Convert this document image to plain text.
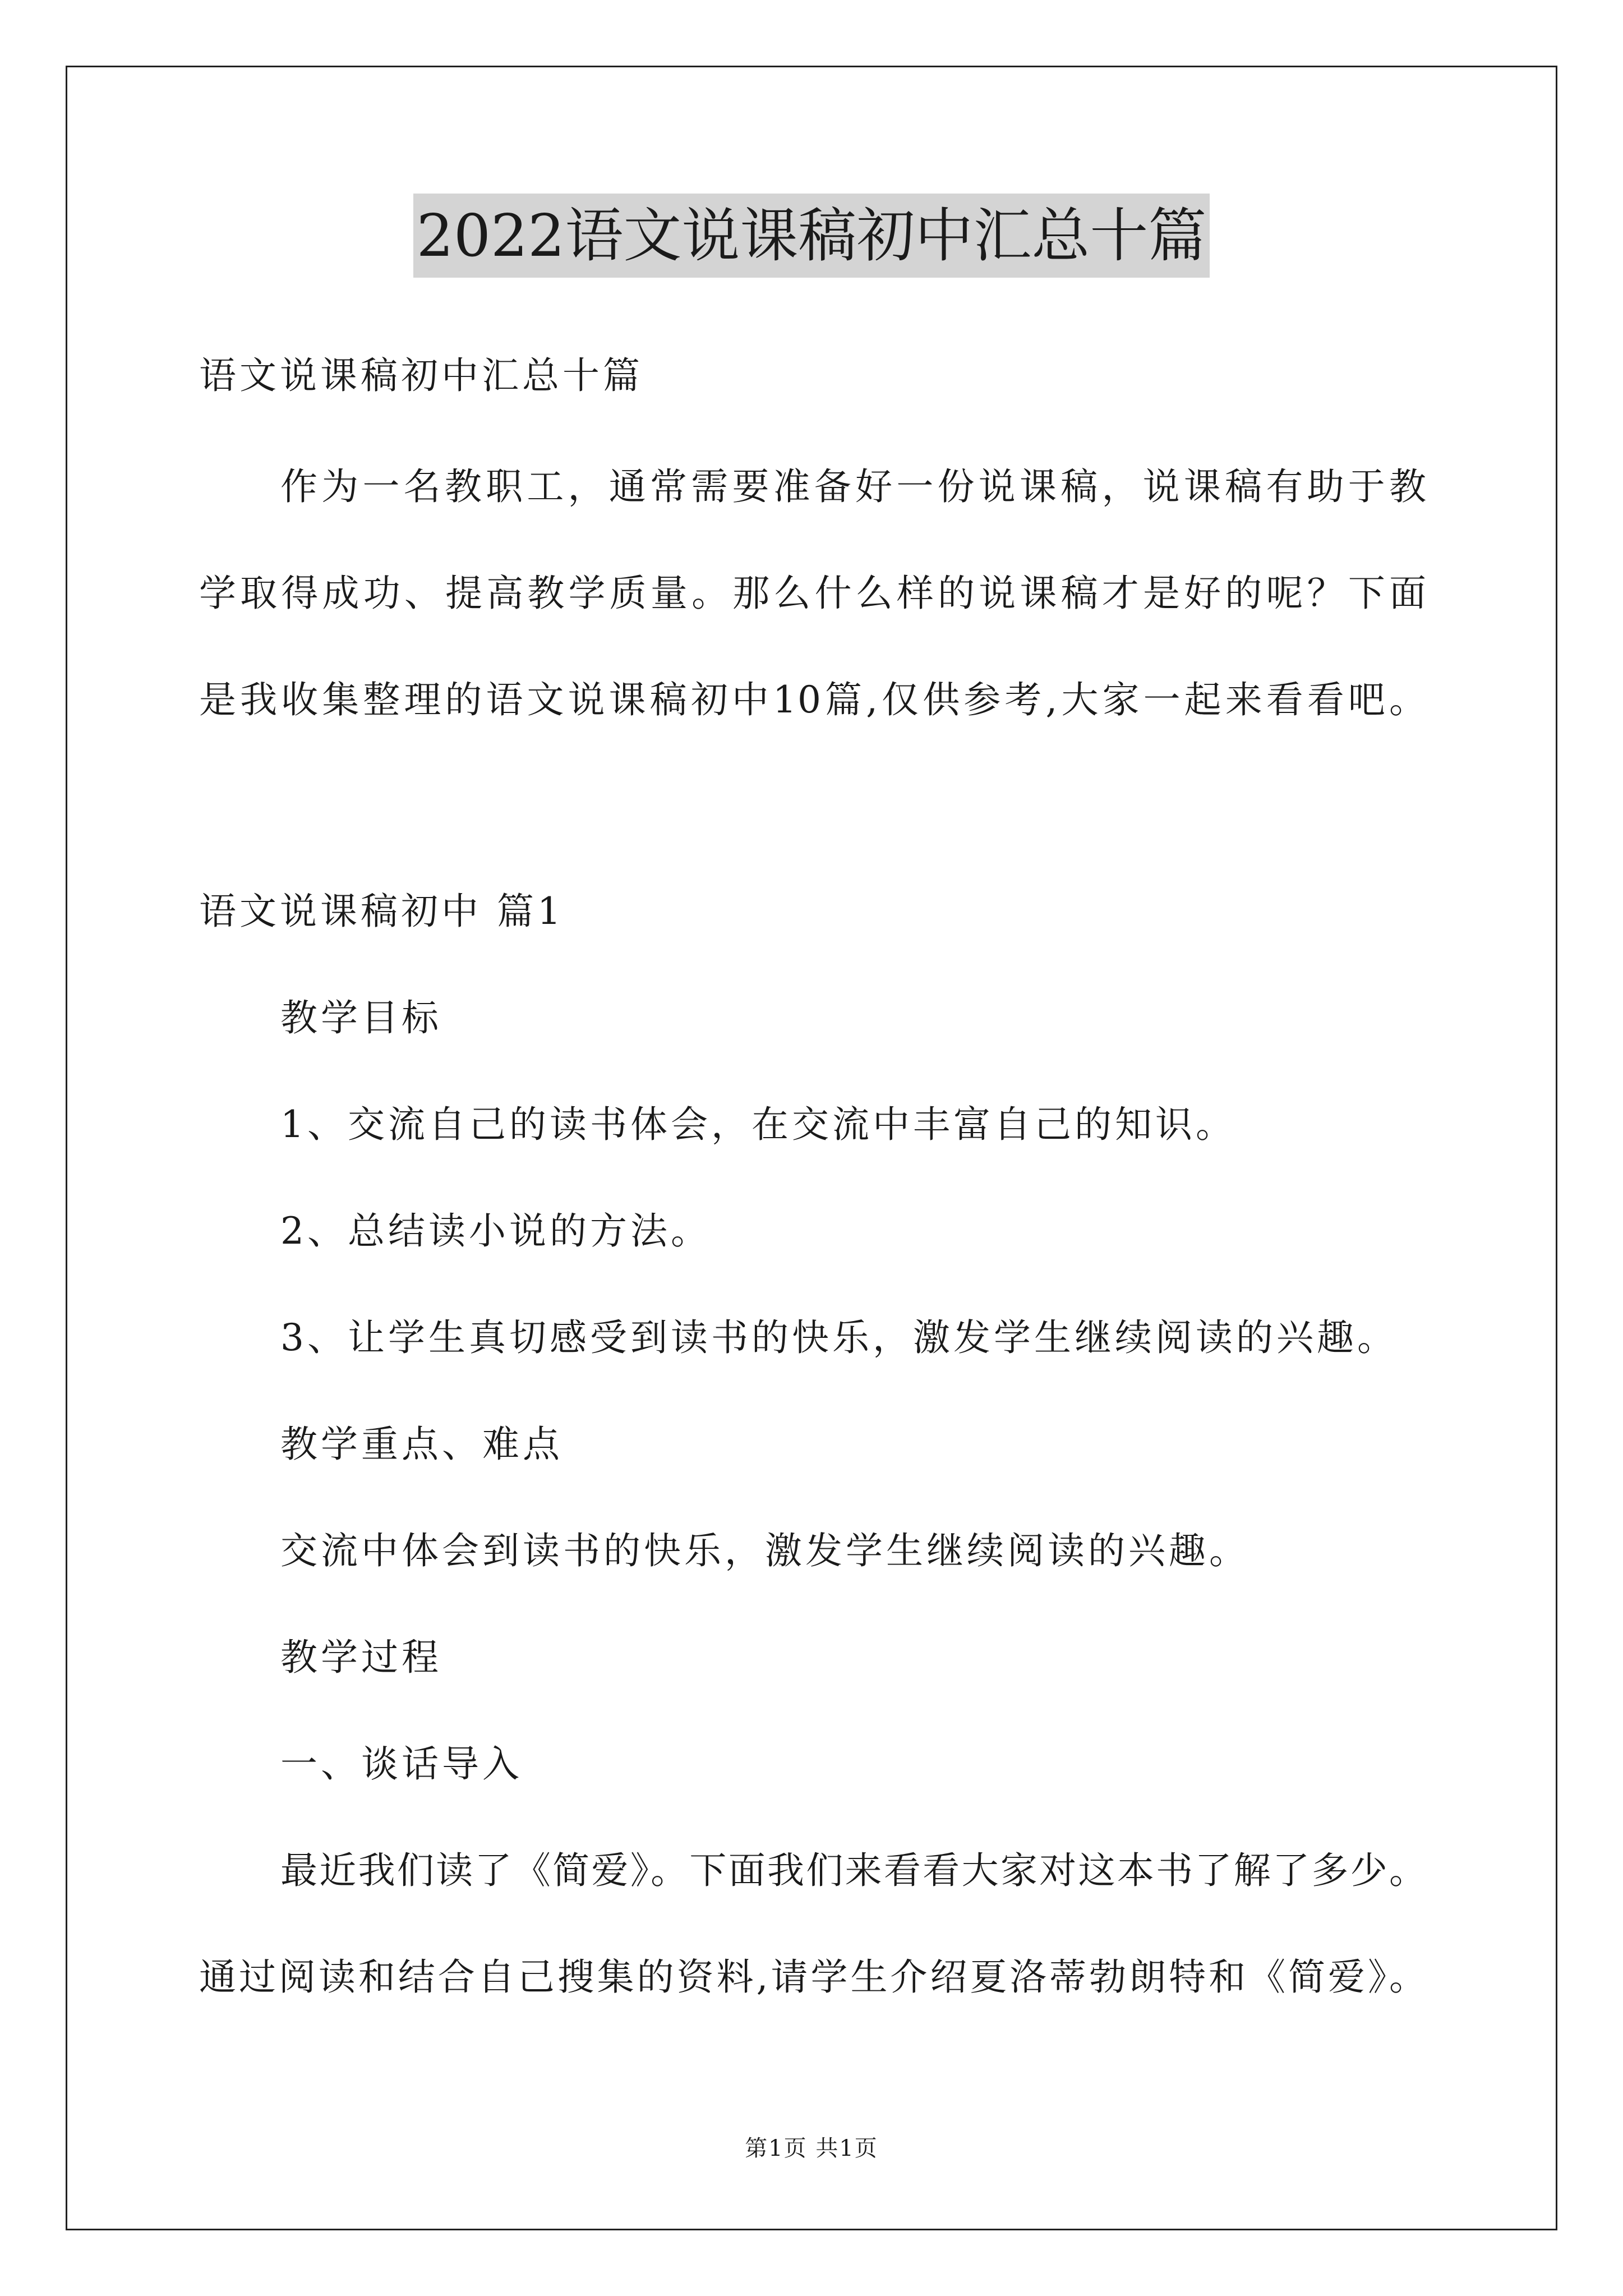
2022语文说课稿初中汇总十篇
语文说课稿初中汇总十篇
作为一名教职工，通常需要准备好一份说课稿，说课稿有助于教
学取得成功、提高教学质量。那么什么样的说课稿才是好的呢？下面
是我收集整理的语文说课稿初中10篇,仅供参考,大家一起来看看吧。
语文说课稿初中 篇1
教学目标
1、交流自己的读书体会，在交流中丰富自己的知识。
2、总结读小说的方法。
3、让学生真切感受到读书的快乐，激发学生继续阅读的兴趣。
教学重点、难点
交流中体会到读书的快乐，激发学生继续阅读的兴趣。
教学过程
一、谈话导入
最近我们读了《简爱》。下面我们来看看大家对这本书了解了多少。
通过阅读和结合自己搜集的资料,请学生介绍夏洛蒂勃朗特和《简爱》。
第1页 共1页
